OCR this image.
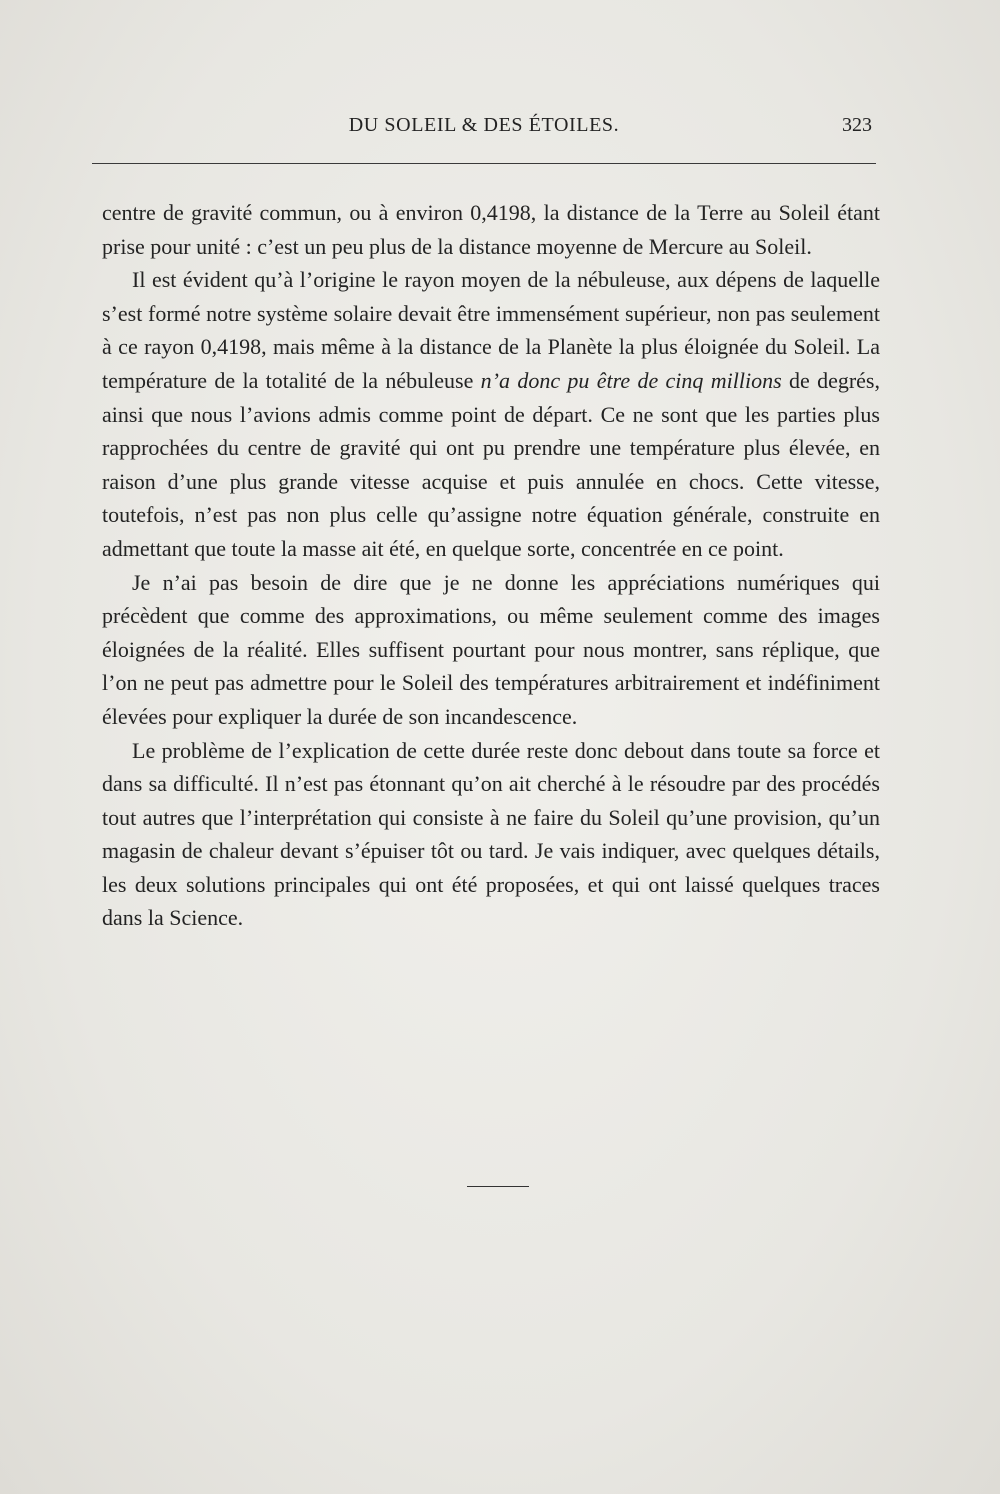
DU SOLEIL & DES ÉTOILES.	323

centre de gravité commun, ou à environ 0,4198, la distance de la Terre au Soleil étant prise pour unité : c’est un peu plus de la distance moyenne de Mercure au Soleil.

Il est évident qu’à l’origine le rayon moyen de la nébuleuse, aux dépens de laquelle s’est formé notre système solaire devait être immensément supérieur, non pas seulement à ce rayon 0,4198, mais même à la distance de la Planète la plus éloignée du Soleil. La température de la totalité de la nébuleuse n’a donc pu être de cinq millions de degrés, ainsi que nous l’avions admis comme point de départ. Ce ne sont que les parties plus rapprochées du centre de gravité qui ont pu prendre une température plus élevée, en raison d’une plus grande vitesse acquise et puis annulée en chocs. Cette vitesse, toutefois, n’est pas non plus celle qu’assigne notre équation générale, construite en admettant que toute la masse ait été, en quelque sorte, concentrée en ce point.

Je n’ai pas besoin de dire que je ne donne les appréciations numériques qui précèdent que comme des approximations, ou même seulement comme des images éloignées de la réalité. Elles suffisent pourtant pour nous montrer, sans réplique, que l’on ne peut pas admettre pour le Soleil des températures arbitrairement et indéfiniment élevées pour expliquer la durée de son incandescence.

Le problème de l’explication de cette durée reste donc debout dans toute sa force et dans sa difficulté. Il n’est pas étonnant qu’on ait cherché à le résoudre par des procédés tout autres que l’interprétation qui consiste à ne faire du Soleil qu’une provision, qu’un magasin de chaleur devant s’épuiser tôt ou tard. Je vais indiquer, avec quelques détails, les deux solutions principales qui ont été proposées, et qui ont laissé quelques traces dans la Science.
